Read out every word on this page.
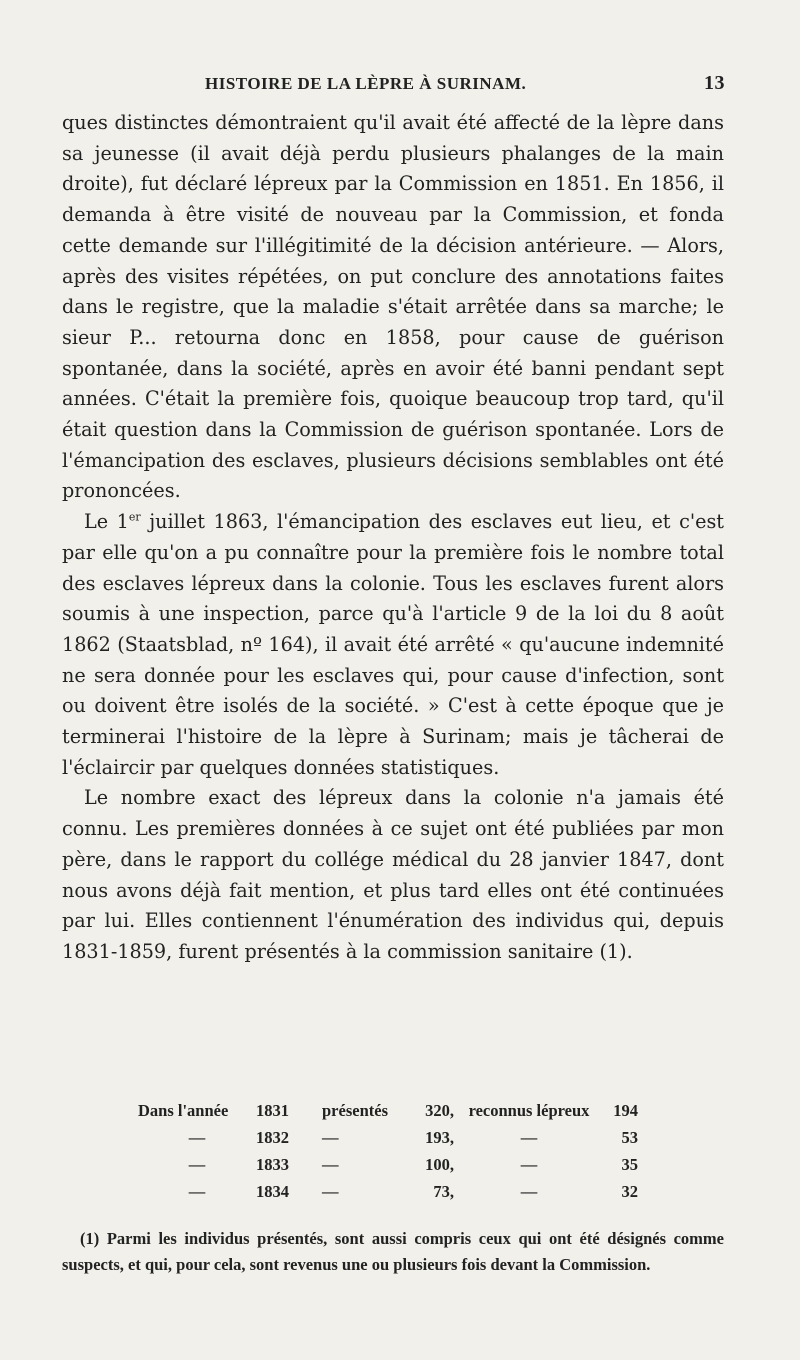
HISTOIRE DE LA LÈPRE À SURINAM.	13

ques distinctes démontraient qu'il avait été affecté de la lèpre dans sa jeunesse (il avait déjà perdu plusieurs phalanges de la main droite), fut déclaré lépreux par la Commission en 1851. En 1856, il demanda à être visité de nouveau par la Commission, et fonda cette demande sur l'illégitimité de la décision antérieure. — Alors, après des visites répétées, on put conclure des annotations faites dans le registre, que la maladie s'était arrêtée dans sa marche; le sieur P... retourna donc en 1858, pour cause de guérison spontanée, dans la société, après en avoir été banni pendant sept années. C'était la première fois, quoique beaucoup trop tard, qu'il était question dans la Commission de guérison spontanée. Lors de l'émancipation des esclaves, plusieurs décisions semblables ont été prononcées.

Le 1er juillet 1863, l'émancipation des esclaves eut lieu, et c'est par elle qu'on a pu connaître pour la première fois le nombre total des esclaves lépreux dans la colonie. Tous les esclaves furent alors soumis à une inspection, parce qu'à l'article 9 de la loi du 8 août 1862 (Staatsblad, nº 164), il avait été arrêté « qu'aucune indemnité ne sera donnée pour les esclaves qui, pour cause d'infection, sont ou doivent être isolés de la société. » C'est à cette époque que je terminerai l'histoire de la lèpre à Surinam; mais je tâcherai de l'éclaircir par quelques données statistiques.

Le nombre exact des lépreux dans la colonie n'a jamais été connu. Les premières données à ce sujet ont été publiées par mon père, dans le rapport du collége médical du 28 janvier 1847, dont nous avons déjà fait mention, et plus tard elles ont été continuées par lui. Elles contiennent l'énumération des individus qui, depuis 1831-1859, furent présentés à la commission sanitaire (1).

Dans l'année	1831	présentés	320,	reconnus lépreux	194
—	1832	—	193,	—	53
—	1833	—	100,	—	35
—	1834	—	73,	—	32
(1) Parmi les individus présentés, sont aussi compris ceux qui ont été désignés comme suspects, et qui, pour cela, sont revenus une ou plusieurs fois devant la Commission.
